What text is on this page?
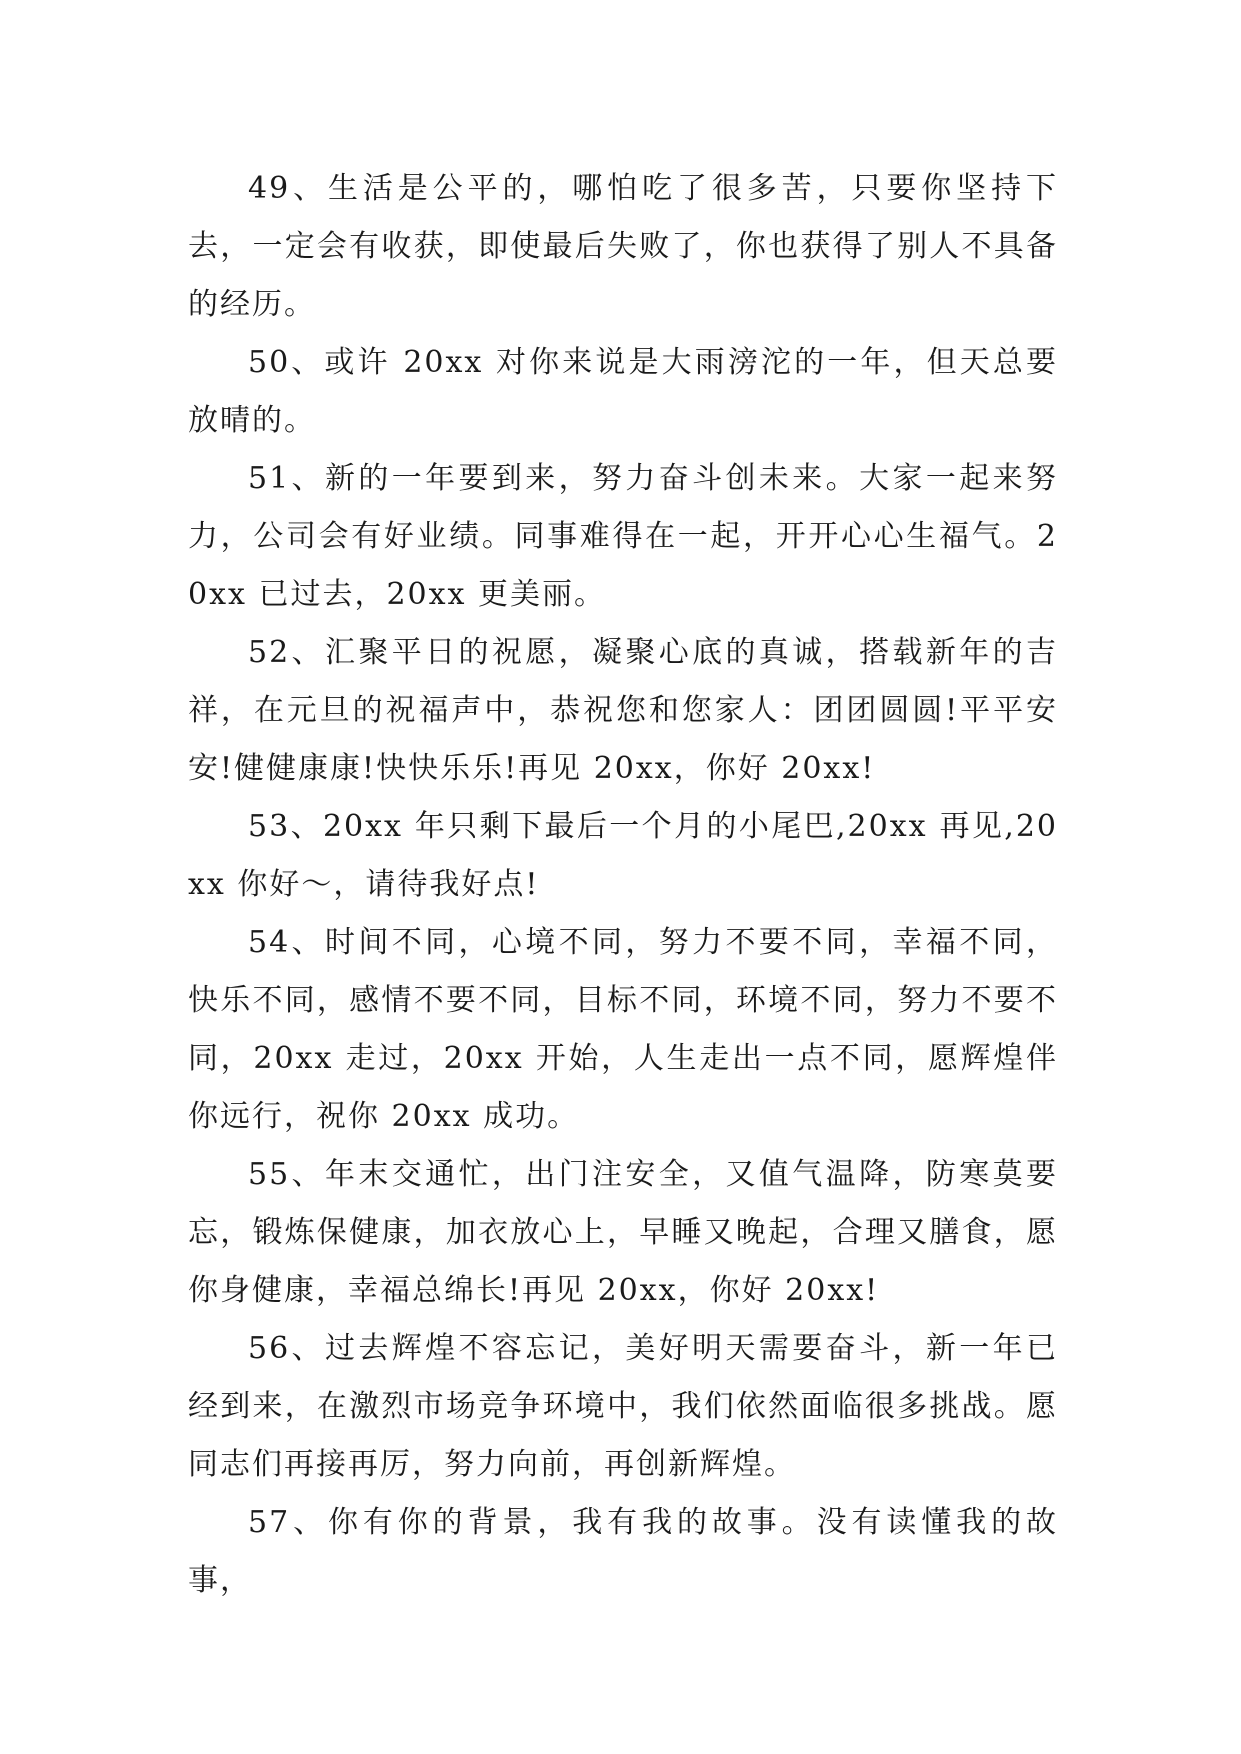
49、生活是公平的，哪怕吃了很多苦，只要你坚持下去，一定会有收获，即使最后失败了，你也获得了别人不具备的经历。

50、或许 20xx 对你来说是大雨滂沱的一年，但天总要放晴的。

51、新的一年要到来，努力奋斗创未来。大家一起来努力，公司会有好业绩。同事难得在一起，开开心心生福气。20xx 已过去，20xx 更美丽。

52、汇聚平日的祝愿，凝聚心底的真诚，搭载新年的吉祥，在元旦的祝福声中，恭祝您和您家人：团团圆圆!平平安安!健健康康!快快乐乐!再见 20xx，你好 20xx!

53、20xx 年只剩下最后一个月的小尾巴,20xx 再见,20xx 你好～，请待我好点!

54、时间不同，心境不同，努力不要不同，幸福不同，快乐不同，感情不要不同，目标不同，环境不同，努力不要不同，20xx 走过，20xx 开始，人生走出一点不同，愿辉煌伴你远行，祝你 20xx 成功。

55、年末交通忙，出门注安全，又值气温降，防寒莫要忘，锻炼保健康，加衣放心上，早睡又晚起，合理又膳食，愿你身健康，幸福总绵长!再见 20xx，你好 20xx!

56、过去辉煌不容忘记，美好明天需要奋斗，新一年已经到来，在激烈市场竞争环境中，我们依然面临很多挑战。愿同志们再接再厉，努力向前，再创新辉煌。

57、你有你的背景，我有我的故事。没有读懂我的故事，
